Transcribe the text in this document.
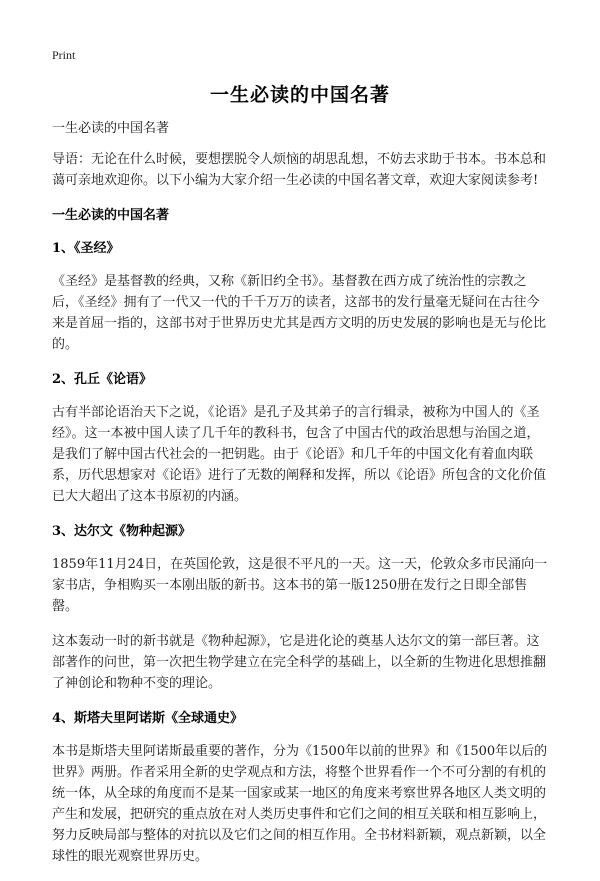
Print
一生必读的中国名著
一生必读的中国名著
导语：无论在什么时候，要想摆脱令人烦恼的胡思乱想，不妨去求助于书本。书本总和蔼可亲地欢迎你。以下小编为大家介绍一生必读的中国名著文章，欢迎大家阅读参考!
一生必读的中国名著
1、《圣经》
《圣经》是基督教的经典，又称《新旧约全书》。基督教在西方成了统治性的宗教之后，《圣经》拥有了一代又一代的千千万万的读者，这部书的发行量毫无疑问在古往今来是首屈一指的，这部书对于世界历史尤其是西方文明的历史发展的影响也是无与伦比的。
2、孔丘《论语》
古有半部论语治天下之说，《论语》是孔子及其弟子的言行辑录，被称为中国人的《圣经》。这一本被中国人读了几千年的教科书，包含了中国古代的政治思想与治国之道，是我们了解中国古代社会的一把钥匙。由于《论语》和几千年的中国文化有着血肉联系，历代思想家对《论语》进行了无数的阐释和发挥，所以《论语》所包含的文化价值已大大超出了这本书原初的内涵。
3、达尔文《物种起源》
1859年11月24日，在英国伦敦，这是很不平凡的一天。这一天，伦敦众多市民涌向一家书店，争相购买一本刚出版的新书。这本书的第一版1250册在发行之日即全部售罄。
这本轰动一时的新书就是《物种起源》，它是进化论的奠基人达尔文的第一部巨著。这部著作的问世，第一次把生物学建立在完全科学的基础上，以全新的生物进化思想推翻了神创论和物种不变的理论。
4、斯塔夫里阿诺斯《全球通史》
本书是斯塔夫里阿诺斯最重要的著作，分为《1500年以前的世界》和《1500年以后的世界》两册。作者采用全新的史学观点和方法，将整个世界看作一个不可分割的有机的统一体，从全球的角度而不是某一国家或某一地区的角度来考察世界各地区人类文明的产生和发展，把研究的重点放在对人类历史事件和它们之间的相互关联和相互影响上，努力反映局部与整体的对抗以及它们之间的相互作用。全书材料新颖，观点新颖，以全球性的眼光观察世界历史。
